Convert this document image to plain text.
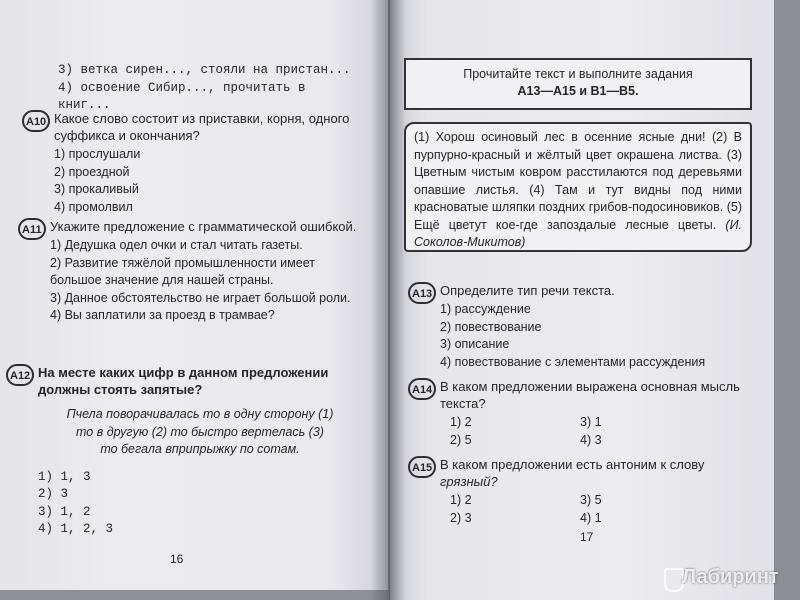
3) ветка сирен..., стояли на пристан...
4) освоение Сибир..., прочитать в книг...
А10 Какое слово состоит из приставки, корня, одного суффикса и окончания?
1) прослушали
2) проездной
3) прокаливый
4) промолвил
А11 Укажите предложение с грамматической ошибкой.
1) Дедушка одел очки и стал читать газеты.
2) Развитие тяжёлой промышленности имеет большое значение для нашей страны.
3) Данное обстоятельство не играет большой роли.
4) Вы заплатили за проезд в трамвае?
А12 На месте каких цифр в данном предложении должны стоять запятые?
Пчела поворачивалась то в одну сторону (1)
то в другую (2) то быстро вертелась (3)
то бегала вприпрыжку по сотам.
1) 1, 3
2) 3
3) 1, 2
4) 1, 2, 3
16
Прочитайте текст и выполните задания
А13—А15 и В1—В5.
(1) Хорош осиновый лес в осенние ясные дни! (2) В пурпурно-красный и жёлтый цвет окрашена листва. (3) Цветным чистым ковром расстилаются под деревьями опавшие листья. (4) Там и тут видны под ними красноватые шляпки поздних грибов-подосиновиков. (5) Ещё цветут кое-где запоздалые лесные цветы. (И. Соколов-Микитов)
А13 Определите тип речи текста.
1) рассуждение
2) повествование
3) описание
4) повествование с элементами рассуждения
А14 В каком предложении выражена основная мысль текста?
1) 2	3) 1
2) 5	4) 3
А15 В каком предложении есть антоним к слову грязный?
1) 2	3) 5
2) 3	4) 1
17
Лабиринт
